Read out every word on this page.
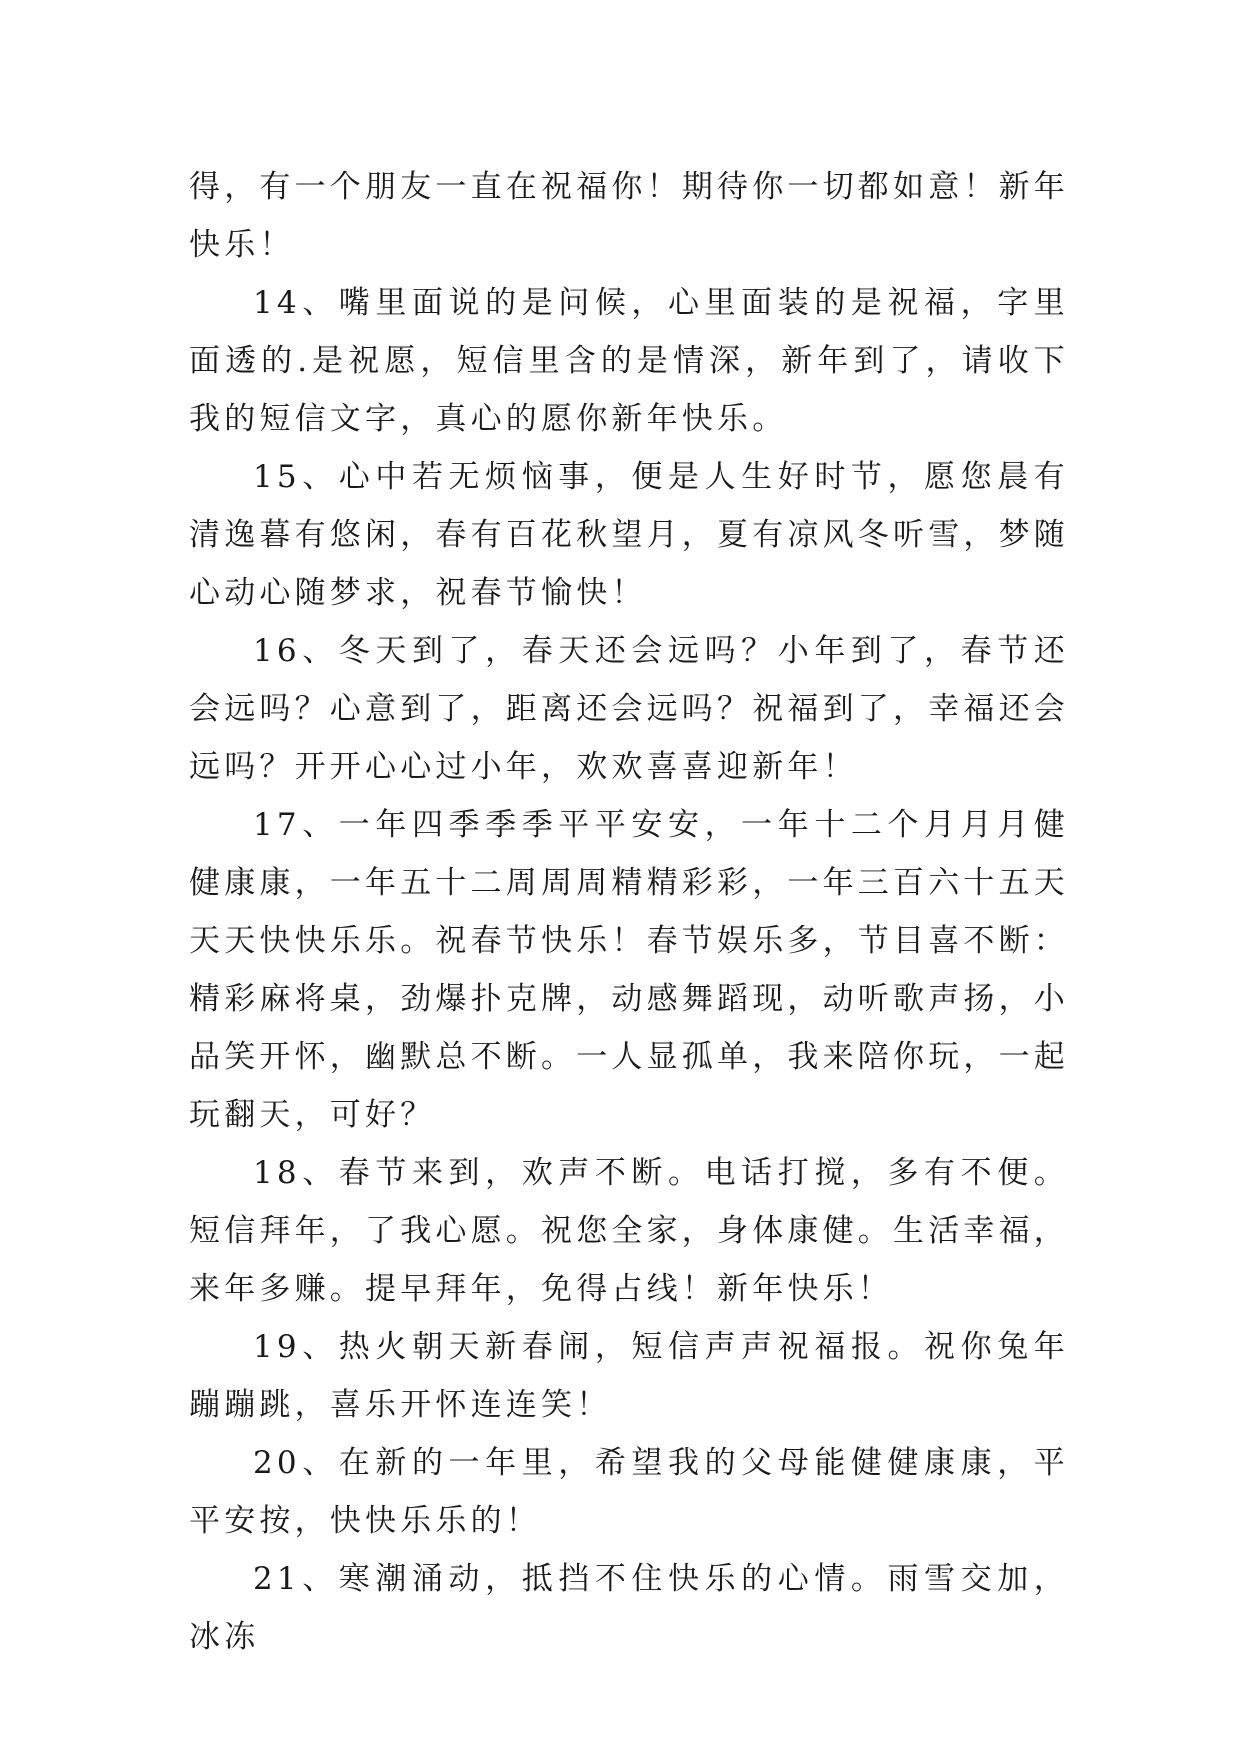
得，有一个朋友一直在祝福你！期待你一切都如意！新年快乐！

14、嘴里面说的是问候，心里面装的是祝福，字里面透的.是祝愿，短信里含的是情深，新年到了，请收下我的短信文字，真心的愿你新年快乐。

15、心中若无烦恼事，便是人生好时节，愿您晨有清逸暮有悠闲，春有百花秋望月，夏有凉风冬听雪，梦随心动心随梦求，祝春节愉快！

16、冬天到了，春天还会远吗？小年到了，春节还会远吗？心意到了，距离还会远吗？祝福到了，幸福还会远吗？开开心心过小年，欢欢喜喜迎新年！

17、一年四季季季平平安安，一年十二个月月月健健康康，一年五十二周周周精精彩彩，一年三百六十五天天天快快乐乐。祝春节快乐！春节娱乐多，节目喜不断：精彩麻将桌，劲爆扑克牌，动感舞蹈现，动听歌声扬，小品笑开怀，幽默总不断。一人显孤单，我来陪你玩，一起玩翻天，可好？

18、春节来到，欢声不断。电话打搅，多有不便。短信拜年，了我心愿。祝您全家，身体康健。生活幸福，来年多赚。提早拜年，免得占线！新年快乐！

19、热火朝天新春闹，短信声声祝福报。祝你兔年蹦蹦跳，喜乐开怀连连笑！

20、在新的一年里，希望我的父母能健健康康，平平安按，快快乐乐的！

21、寒潮涌动，抵挡不住快乐的心情。雨雪交加，冰冻
